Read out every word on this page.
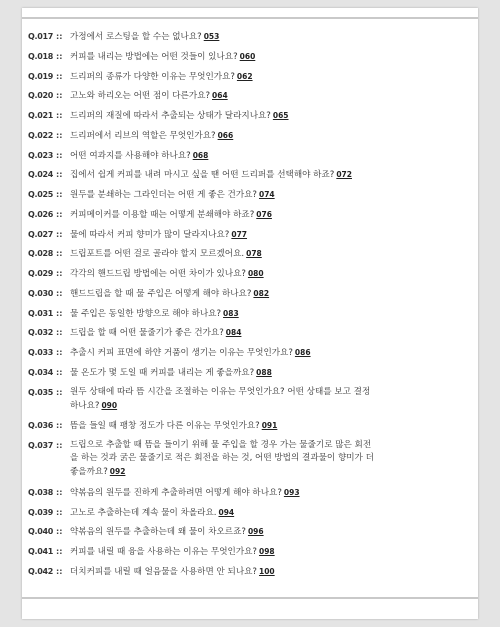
Q.017 :: 가정에서 로스팅을 할 수는 없나요? 053
Q.018 :: 커피를 내리는 방법에는 어떤 것들이 있나요? 060
Q.019 :: 드리퍼의 종류가 다양한 이유는 무엇인가요? 062
Q.020 :: 고노와 하리오는 어떤 점이 다른가요? 064
Q.021 :: 드리퍼의 재질에 따라서 추출되는 상태가 달라지나요? 065
Q.022 :: 드리퍼에서 리브의 역할은 무엇인가요? 066
Q.023 :: 어떤 여과지를 사용해야 하나요? 068
Q.024 :: 집에서 쉽게 커피를 내려 마시고 싶을 땐 어떤 드리퍼를 선택해야 하죠? 072
Q.025 :: 원두를 분쇄하는 그라인더는 어떤 게 좋은 건가요? 074
Q.026 :: 커피메이커를 이용할 때는 어떻게 분쇄해야 하죠? 076
Q.027 :: 물에 따라서 커피 향미가 많이 달라지나요? 077
Q.028 :: 드립포트를 어떤 걸로 골라야 할지 모르겠어요. 078
Q.029 :: 각각의 핸드드립 방법에는 어떤 차이가 있나요? 080
Q.030 :: 핸드드립을 할 때 물 주입은 어떻게 해야 하나요? 082
Q.031 :: 물 주입은 동일한 방향으로 해야 하나요? 083
Q.032 :: 드립을 할 때 어떤 물줄기가 좋은 건가요? 084
Q.033 :: 추출시 커피 표면에 하얀 거품이 생기는 이유는 무엇인가요? 086
Q.034 :: 물 온도가 몇 도일 때 커피를 내리는 게 좋을까요? 088
Q.035 :: 원두 상태에 따라 뜸 시간을 조절하는 이유는 무엇인가요? 어떤 상태를 보고 결정
하나요? 090
Q.036 :: 뜸을 들일 때 팽창 정도가 다른 이유는 무엇인가요? 091
Q.037 :: 드립으로 추출할 때 뜸을 들이기 위해 물 주입을 할 경우 가는 물줄기로 많은 회전
을 하는 것과 굵은 물줄기로 적은 회전을 하는 것, 어떤 방법의 결과물이 향미가 더
좋을까요? 092
Q.038 :: 약볶음의 원두를 진하게 추출하려면 어떻게 해야 하나요? 093
Q.039 :: 고노로 추출하는데 계속 물이 차올라요. 094
Q.040 :: 약볶음의 원두를 추출하는데 왜 물이 차오르죠? 096
Q.041 :: 커피를 내릴 때 융을 사용하는 이유는 무엇인가요? 098
Q.042 :: 더치커피를 내릴 때 얼음물을 사용하면 안 되나요? 100
